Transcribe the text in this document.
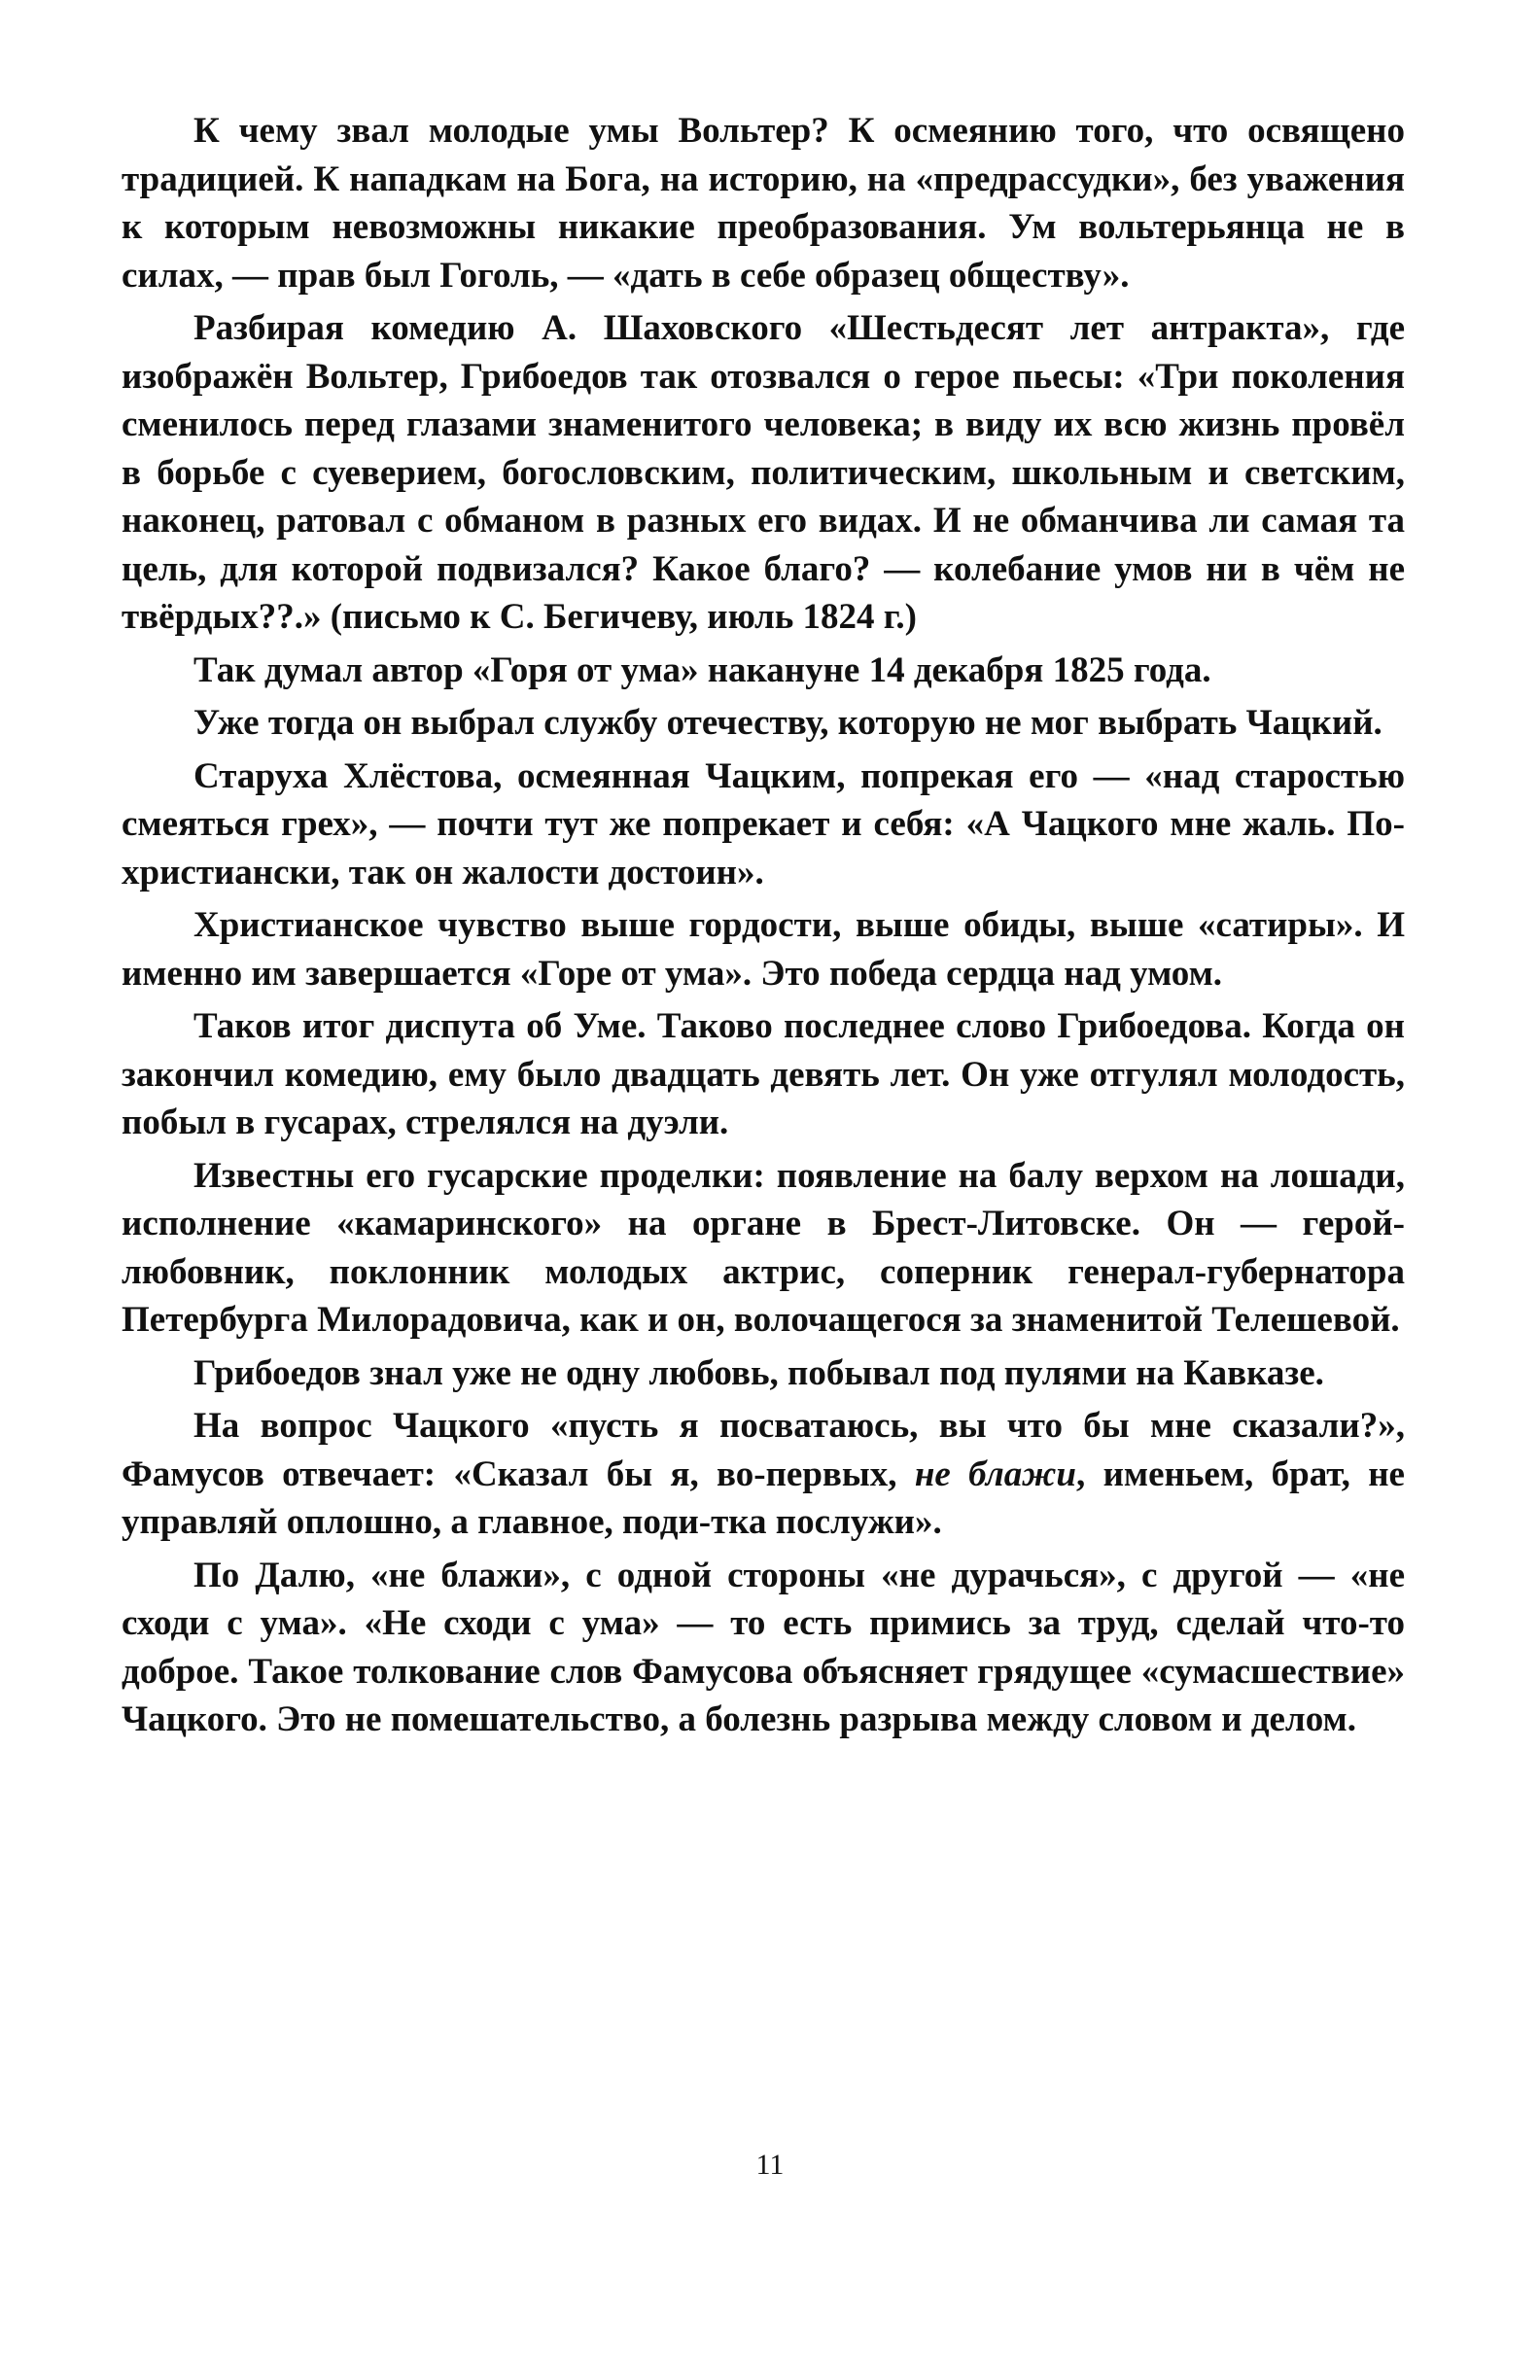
К чему звал молодые умы Вольтер? К осмеянию того, что освящено традицией. К нападкам на Бога, на историю, на «предрассудки», без уважения к которым невозможны никакие преобразования. Ум вольтерьянца не в силах, — прав был Гоголь, — «дать в себе образец обществу».

Разбирая комедию А. Шаховского «Шестьдесят лет антракта», где изображён Вольтер, Грибоедов так отозвался о герое пьесы: «Три поколения сменилось перед глазами знаменитого человека; в виду их всю жизнь провёл в борьбе с суеверием, богословским, политическим, школьным и светским, наконец, ратовал с обманом в разных его видах. И не обманчива ли самая та цель, для которой подвизался? Какое благо? — колебание умов ни в чём не твёрдых??.» (письмо к С. Бегичеву, июль 1824 г.)

Так думал автор «Горя от ума» накануне 14 декабря 1825 года.

Уже тогда он выбрал службу отечеству, которую не мог выбрать Чацкий.

Старуха Хлёстова, осмеянная Чацким, попрекая его — «над старостью смеяться грех», — почти тут же попрекает и себя: «А Чацкого мне жаль. По-христиански, так он жалости достоин».

Христианское чувство выше гордости, выше обиды, выше «сатиры». И именно им завершается «Горе от ума». Это победа сердца над умом.

Таков итог диспута об Уме. Таково последнее слово Грибоедова. Когда он закончил комедию, ему было двадцать девять лет. Он уже отгулял молодость, побыл в гусарах, стрелялся на дуэли.

Известны его гусарские проделки: появление на балу верхом на лошади, исполнение «камаринского» на органе в Брест-Литовске. Он — герой-любовник, поклонник молодых актрис, соперник генерал-губернатора Петербурга Милорадовича, как и он, волочащегося за знаменитой Телешевой.

Грибоедов знал уже не одну любовь, побывал под пулями на Кавказе.

На вопрос Чацкого «пусть я посватаюсь, вы что бы мне сказали?», Фамусов отвечает: «Сказал бы я, во-первых, не блажи, именьем, брат, не управляй оплошно, а главное, поди-тка послужи».

По Далю, «не блажи», с одной стороны «не дурачься», с другой — «не сходи с ума». «Не сходи с ума» — то есть примись за труд, сделай что-то доброе. Такое толкование слов Фамусова объясняет грядущее «сумасшествие» Чацкого. Это не помешательство, а болезнь разрыва между словом и делом.

11
